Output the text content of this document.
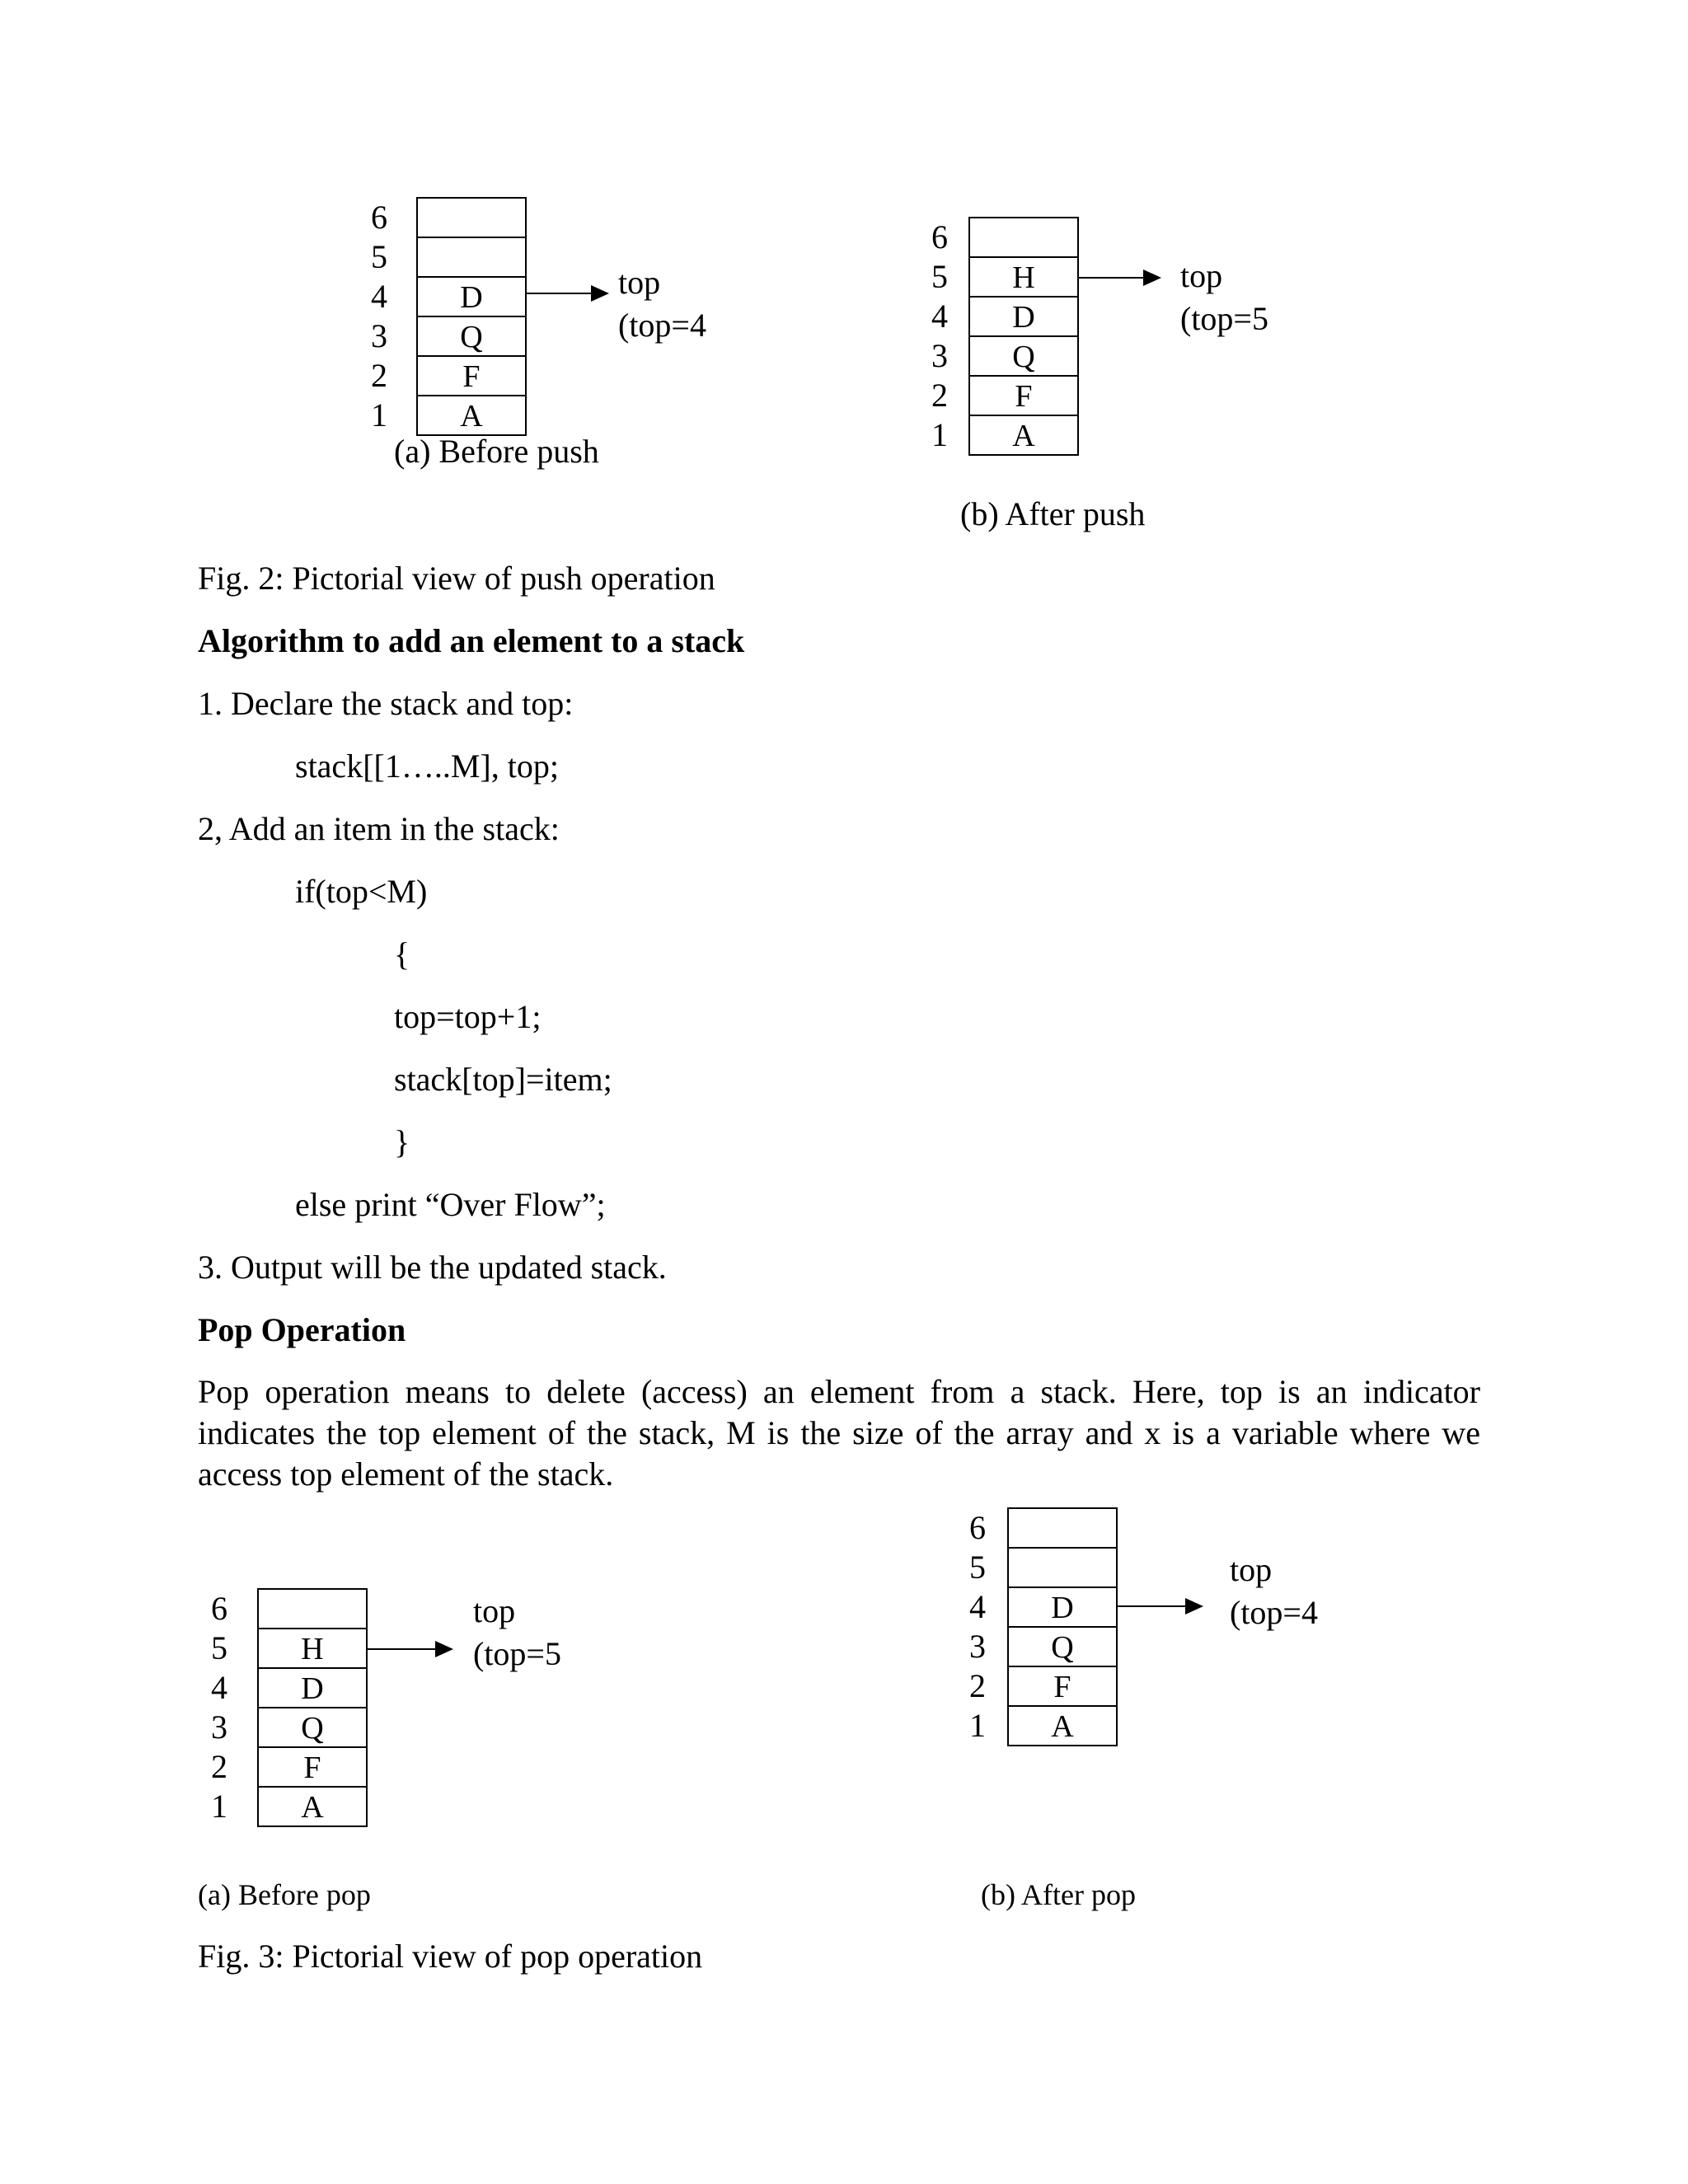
6
5
4
3
2
1
D
Q
F
A
top
(top=4
(a) Before push
6
5
4
3
2
1
H
D
Q
F
A
top
(top=5
(b) After push
Fig. 2: Pictorial view of push operation
Algorithm to add an element to a stack
1. Declare the stack and top:
stack[[1…..M], top;
2, Add an item in the stack:
if(top<M)
{
top=top+1;
stack[top]=item;
}
else print “Over Flow”;
3. Output will be the updated stack.
Pop Operation
Pop operation means to delete (access) an element from a stack. Here, top is an indicator indicates the top element of the stack, M is the size of the array and x is a variable where we access top element of the stack.
6
5
4
3
2
1
H
D
Q
F
A
top
(top=5
(a) Before pop
6
5
4
3
2
1
D
Q
F
A
top
(top=4
(b) After pop
Fig. 3: Pictorial view of pop operation
